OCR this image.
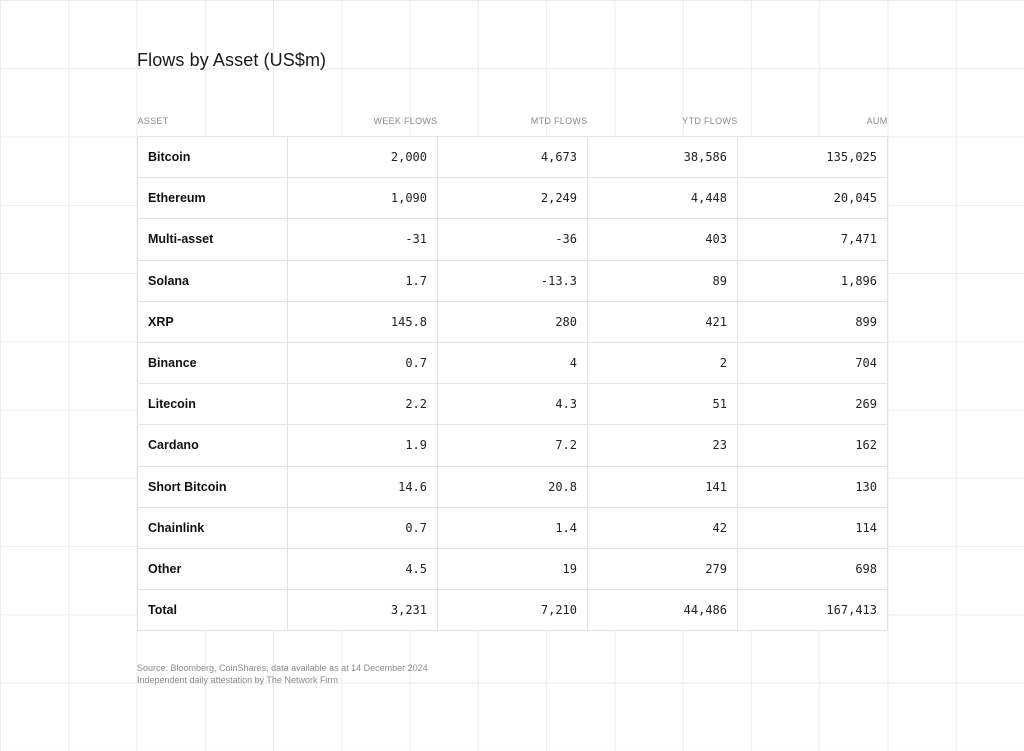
Flows by Asset (US$m)
ASSET	WEEK FLOWS	MTD FLOWS	YTD FLOWS	AUM
Bitcoin	2,000	4,673	38,586	135,025
Ethereum	1,090	2,249	4,448	20,045
Multi-asset	-31	-36	403	7,471
Solana	1.7	-13.3	89	1,896
XRP	145.8	280	421	899
Binance	0.7	4	2	704
Litecoin	2.2	4.3	51	269
Cardano	1.9	7.2	23	162
Short Bitcoin	14.6	20.8	141	130
Chainlink	0.7	1.4	42	114
Other	4.5	19	279	698
Total	3,231	7,210	44,486	167,413
Source: Bloomberg, CoinShares, data available as at 14 December 2024
Independent daily attestation by The Network Firm
